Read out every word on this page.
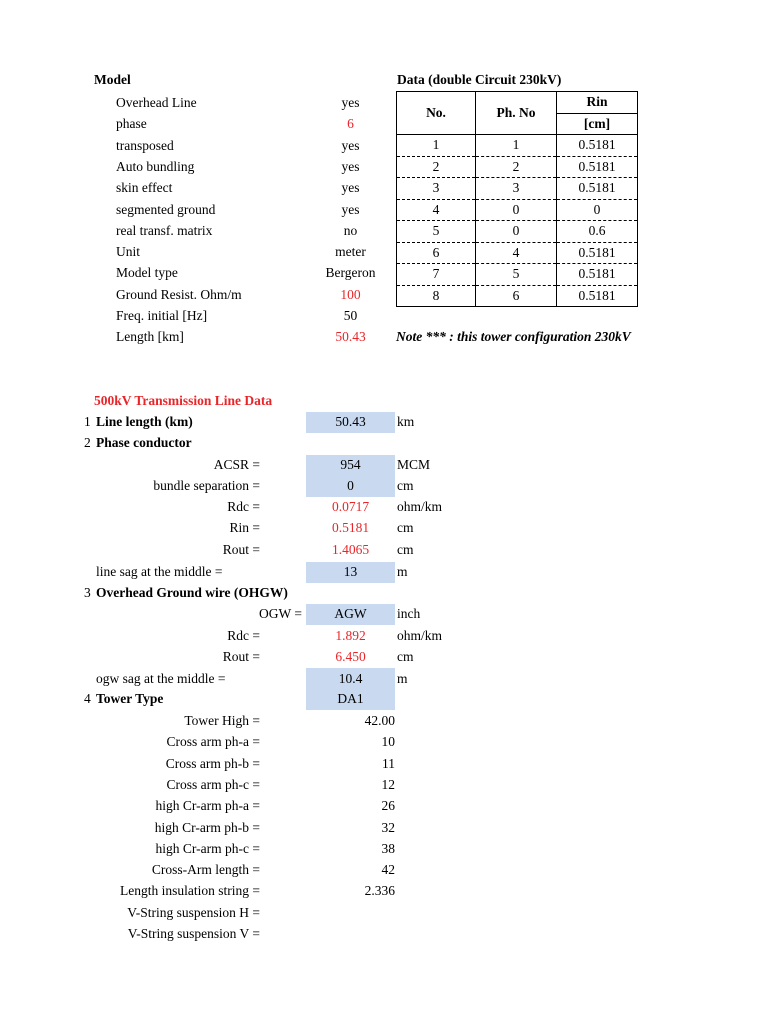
Model
Overhead Line	yes
phase	6
transposed	yes
Auto bundling	yes
skin effect	yes
segmented ground	yes
real transf. matrix	no
Unit	meter
Model type	Bergeron
Ground Resist. Ohm/m	100
Freq. initial [Hz]	50
Length [km]	50.43
Data (double Circuit 230kV)
No.	Ph. No	Rin
		[cm]
1	1	0.5181
2	2	0.5181
3	3	0.5181
4	0	0
5	0	0.6
6	4	0.5181
7	5	0.5181
8	6	0.5181
Note *** : this tower configuration 230kV
500kV Transmission Line Data
1 Line length (km)	50.43	km
2 Phase conductor
ACSR =	954	MCM
bundle separation =	0	cm
Rdc =	0.0717	ohm/km
Rin =	0.5181	cm
Rout =	1.4065	cm
line sag at the middle =	13	m
3 Overhead Ground wire (OHGW)
OGW =	AGW	inch
Rdc =	1.892	ohm/km
Rout =	6.450	cm
ogw sag at the middle =	10.4	m
4 Tower Type	DA1
Tower High =	42.00
Cross arm ph-a =	10
Cross arm ph-b =	11
Cross arm ph-c =	12
high Cr-arm ph-a =	26
high Cr-arm ph-b =	32
high Cr-arm ph-c =	38
Cross-Arm length =	42
Length insulation string =	2.336
V-String suspension H =
V-String suspension V =
